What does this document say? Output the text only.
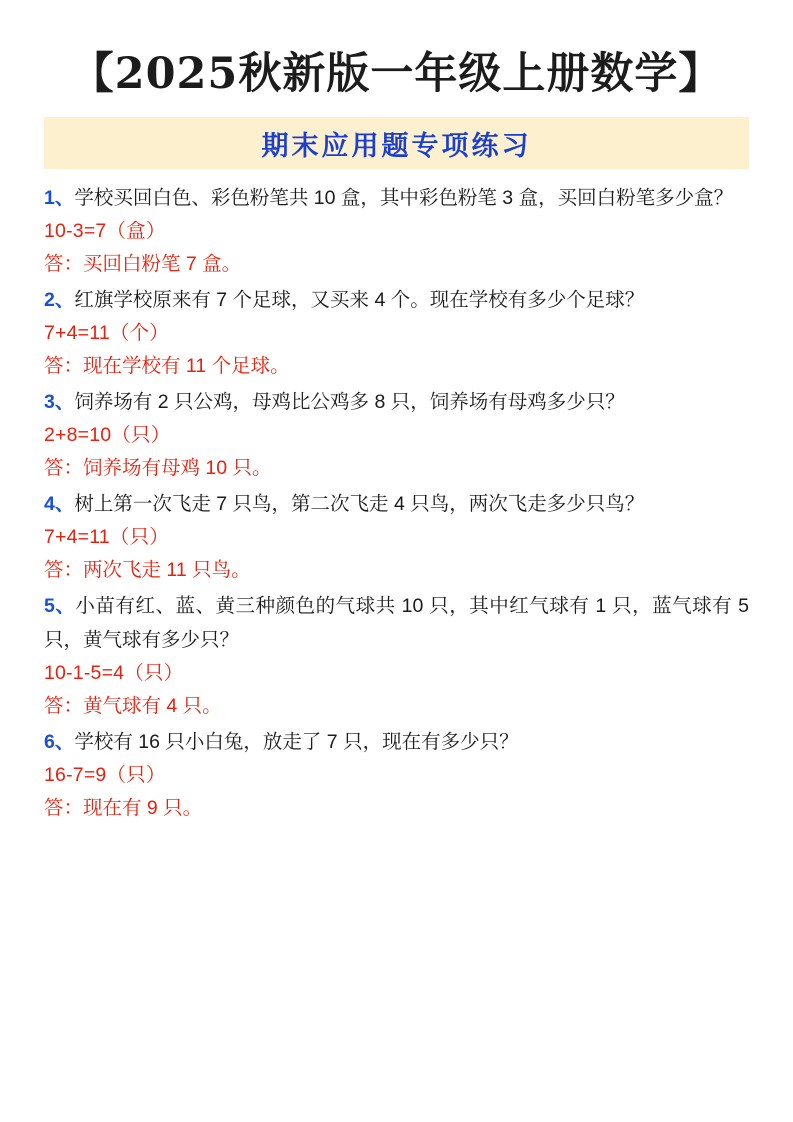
【2025秋新版一年级上册数学】
期末应用题专项练习
1、学校买回白色、彩色粉笔共 10 盒，其中彩色粉笔 3 盒，买回白粉笔多少盒？
10-3=7（盒）
答：买回白粉笔 7 盒。
2、红旗学校原来有 7 个足球，又买来 4 个。现在学校有多少个足球？
7+4=11（个）
答：现在学校有 11 个足球。
3、饲养场有 2 只公鸡，母鸡比公鸡多 8 只，饲养场有母鸡多少只？
2+8=10（只）
答：饲养场有母鸡 10 只。
4、树上第一次飞走 7 只鸟，第二次飞走 4 只鸟，两次飞走多少只鸟？
7+4=11（只）
答：两次飞走 11 只鸟。
5、小苗有红、蓝、黄三种颜色的气球共 10 只，其中红气球有 1 只，蓝气球有 5 只，黄气球有多少只？
10-1-5=4（只）
答：黄气球有 4 只。
6、学校有 16 只小白兔，放走了 7 只，现在有多少只？
16-7=9（只）
答：现在有 9 只。
